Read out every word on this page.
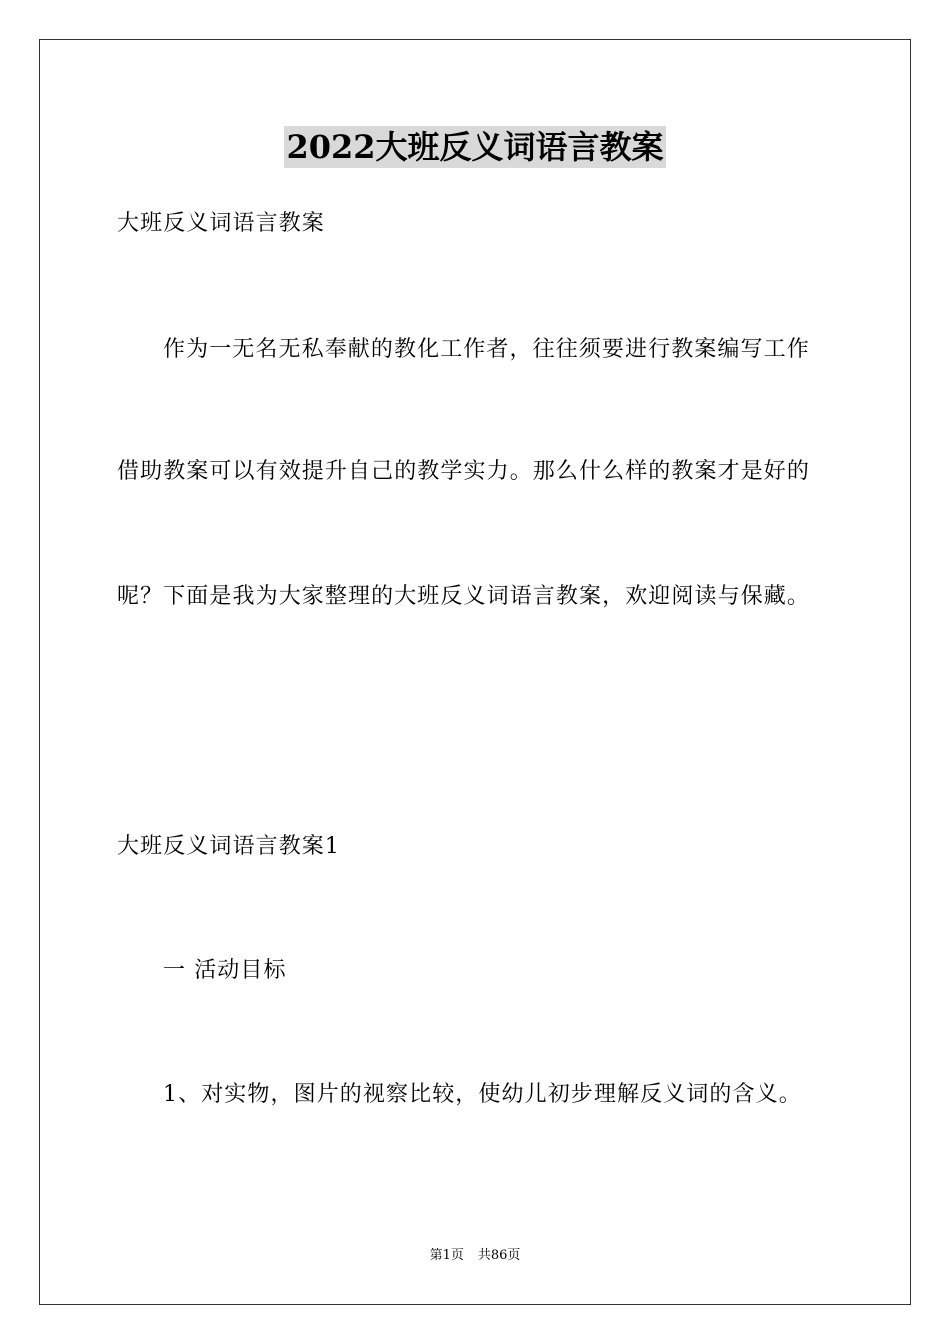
2022大班反义词语言教案
大班反义词语言教案
作为一无名无私奉献的教化工作者，往往须要进行教案编写工作
借助教案可以有效提升自己的教学实力。那么什么样的教案才是好的
呢？下面是我为大家整理的大班反义词语言教案，欢迎阅读与保藏。
大班反义词语言教案1
一 活动目标
1、对实物，图片的视察比较，使幼儿初步理解反义词的含义。
第1页 共86页
